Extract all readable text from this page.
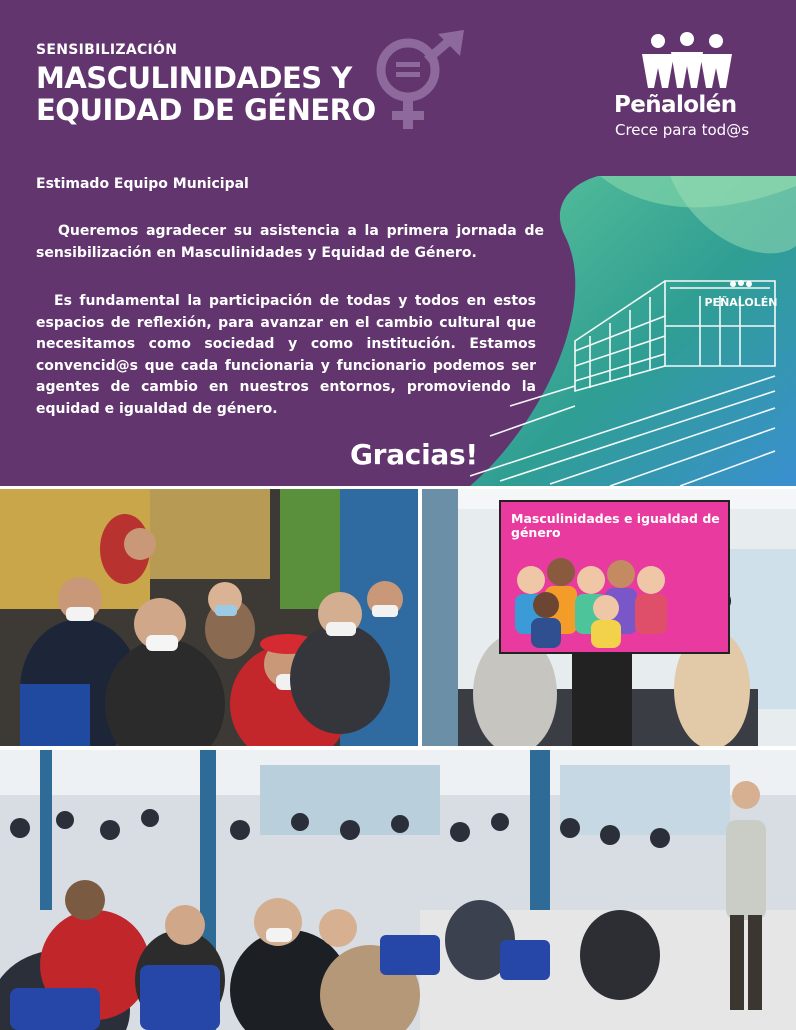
SENSIBILIZACIÓN
MASCULINIDADES Y
EQUIDAD DE GÉNERO	Peñalolén
Crece para tod@s
Estimado Equipo Municipal
Queremos agradecer su asistencia a la primera jornada de sensibilización en Masculinidades y Equidad de Género.
Es fundamental la participación de todas y todos en estos espacios de reflexión, para avanzar en el cambio cultural que necesitamos como sociedad y como institución. Estamos convencid@s que cada funcionaria y funcionario podemos ser agentes de cambio en nuestros entornos, promoviendo la equidad e igualdad de género.
PEÑALOLÉN
Gracias!
Masculinidades e igualdad de género
